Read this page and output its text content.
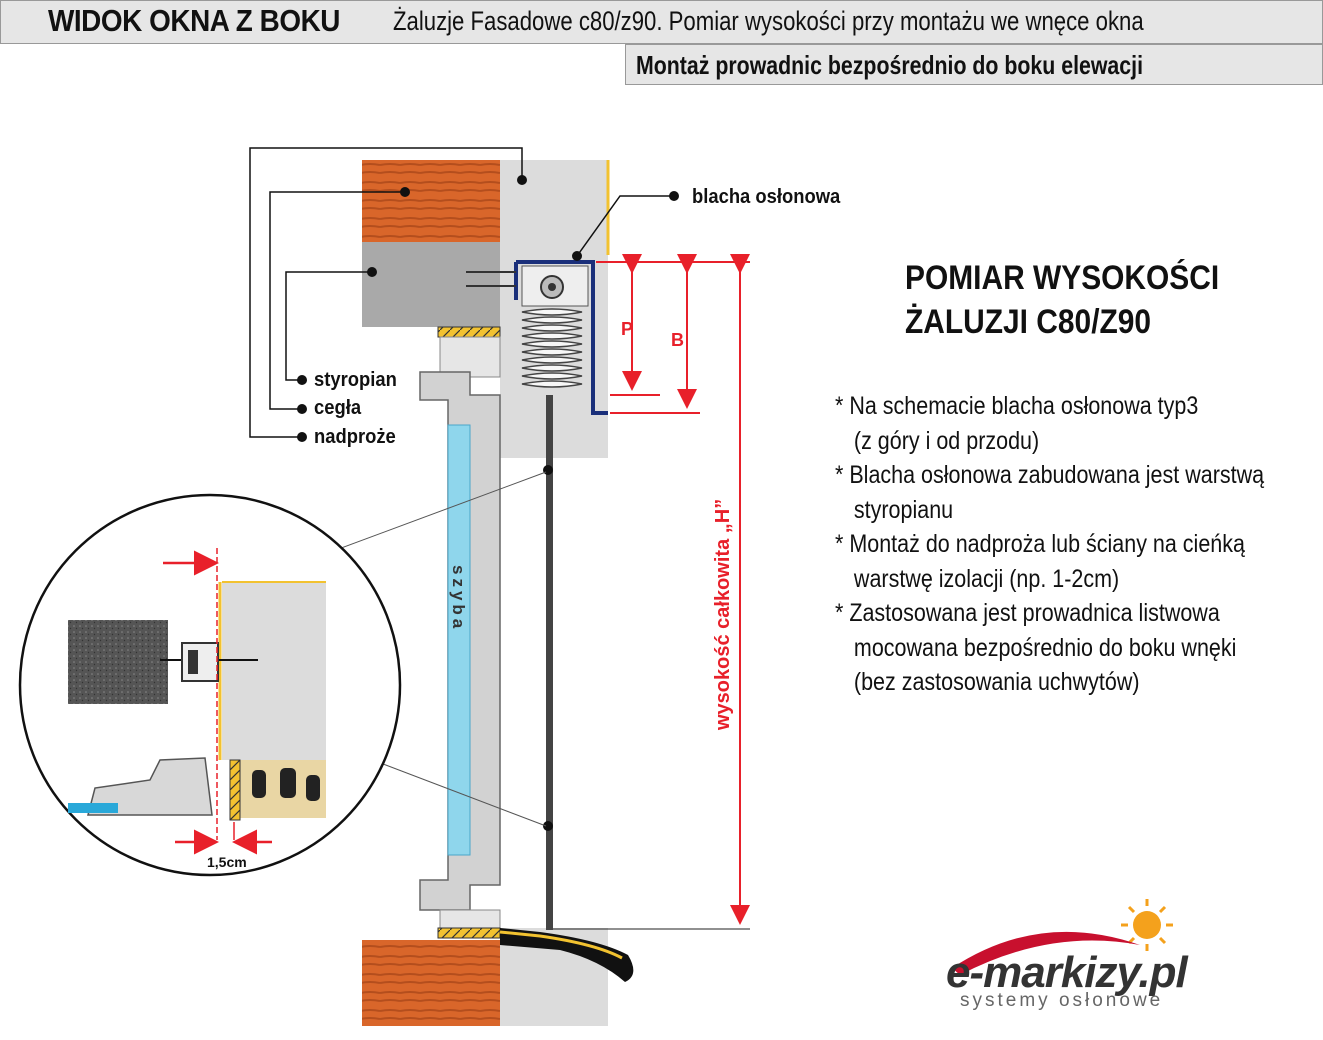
WIDOK OKNA Z BOKU Żaluzje Fasadowe c80/z90. Pomiar wysokości przy montażu we wnęce okna
Montaż prowadnic bezpośrednio do boku elewacji
P
B
wysokość całkowita „H”
szyba
1,5cm
blacha osłonowa
styropian
cegła
nadproże
POMIAR WYSOKOŚCI
ŻALUZJI C80/Z90
* Na schemacie blacha osłonowa typ3
(z góry i od przodu)
* Blacha osłonowa zabudowana jest warstwą
styropianu
* Montaż do nadproża lub ściany na cieńką
warstwę izolacji (np. 1-2cm)
* Zastosowana jest prowadnica listwowa
mocowana bezpośrednio do boku wnęki
(bez zastosowania uchwytów)
e-markizy.pl
systemy osłonowe
